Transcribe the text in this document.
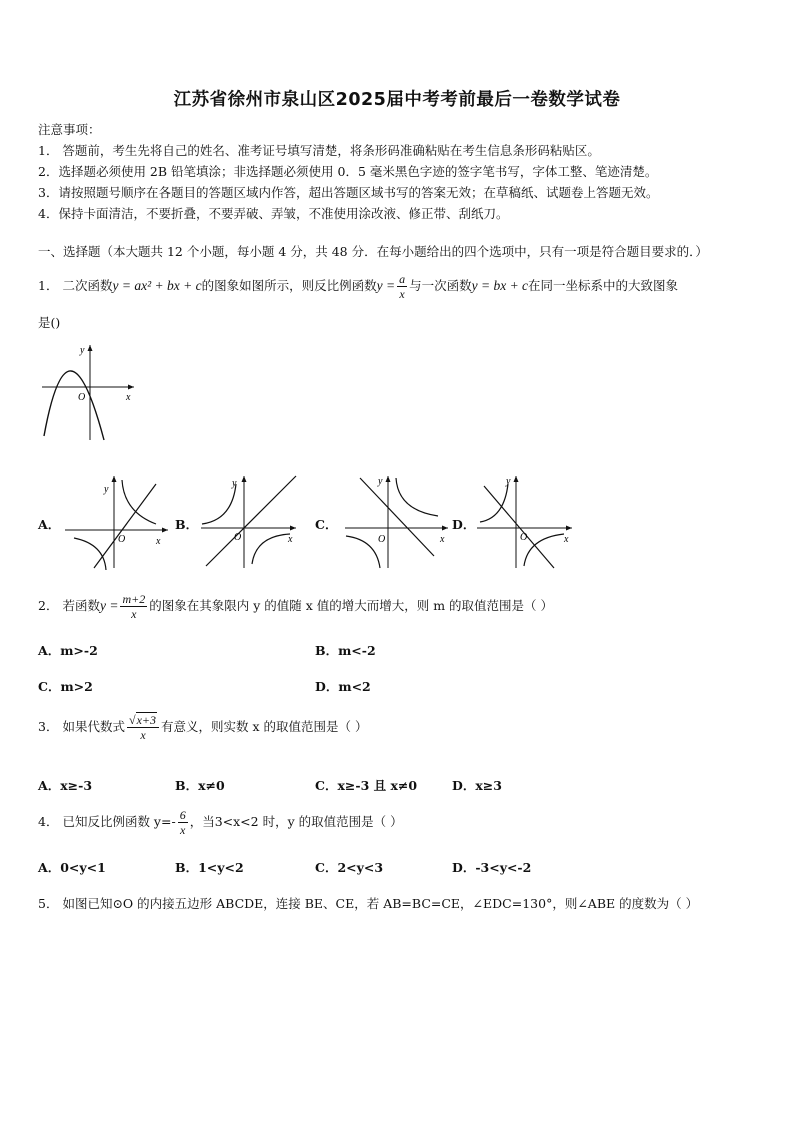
江苏省徐州市泉山区2025届中考考前最后一卷数学试卷
注意事项：
1． 答题前，考生先将自己的姓名、准考证号填写清楚，将条形码准确粘贴在考生信息条形码粘贴区。
2．选择题必须使用 2B 铅笔填涂；非选择题必须使用 0．5 毫米黑色字迹的签字笔书写，字体工整、笔迹清楚。
3．请按照题号顺序在各题目的答题区域内作答，超出答题区域书写的答案无效；在草稿纸、试题卷上答题无效。
4．保持卡面清洁，不要折叠，不要弄破、弄皱，不准使用涂改液、修正带、刮纸刀。
一、选择题（本大题共 12 个小题，每小题 4 分，共 48 分．在每小题给出的四个选项中，只有一项是符合题目要求的．）
1． 二次函数y = ax² + bx + c的图象如图所示，则反比例函数$y = \frac{a}{x}$ 与一次函数y = bx + c在同一坐标系中的大致图象
是()
y
x
O
A．
y
x
O
B．
y
x
O
C．
y
x
O
D．
y
x
O
2． 若函数$y = \frac{m+2}{x}$ 的图象在其象限内 y 的值随 x 值的增大而增大，则 m 的取值范围是（ ）
A．m>-2	B．m<-2
C．m>2	D．m<2
3． 如果代数式 $\frac{√x+3}{x}$ 有意义，则实数 x 的取值范围是（ ）
A．x≥-3	B．x≠0	C．x≥-3 且 x≠0	D．x≥3
4． 已知反比例函数 $y=- \frac{6}{x}$ ，当3<x<2 时，y 的取值范围是（ ）
A．0<y<1	B．1<y<2	C．2<y<3	D．-3<y<-2
5． 如图已知⊙O 的内接五边形 ABCDE，连接 BE、CE，若 AB=BC=CE，∠EDC=130°，则∠ABE 的度数为（ ）
